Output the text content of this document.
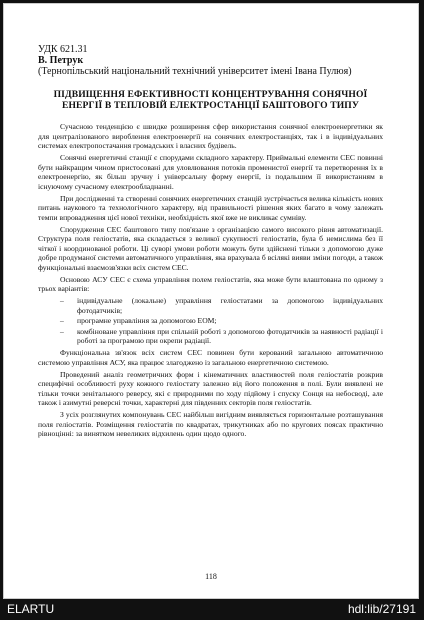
УДК 621.31
В. Петрук
(Тернопільський національний технічний університет імені Івана Пулюя)
ПІДВИЩЕННЯ ЕФЕКТИВНОСТІ КОНЦЕНТРУВАННЯ СОНЯЧНОЇ
ЕНЕРГІЇ В ТЕПЛОВІЙ ЕЛЕКТРОСТАНЦІЇ БАШТОВОГО ТИПУ

Сучасною тенденцією є швидке розширення сфер використання сонячної електроенергетики як для централізованого вироблення електроенергії на сонячних електростанціях, так і в індивідуальних системах електропостачання громадських і власних будівель.

Сонячні енергетичні станції є спорудами складного характеру. Приймальні елементи СЕС повинні бути найкращим чином пристосовані для уловлювання потоків променистої енергії та перетворення їх в електроенергію, як більш зручну і універсальну форму енергії, із подальшим її використанням в існуючому сучасному електрообладнанні.

При дослідженні та створенні сонячних енергетичних станцій зустрічається велика кількість нових питань наукового та технологічного характеру, від правильності рішення яких багато в чому залежать темпи впровадження цієї нової техніки, необхідність якої вже не викликає сумніву.

Спорудження СЕС баштового типу пов'язане з організацією самого високого рівня автоматизації. Структура поля геліостатів, яка складається з великої сукупності геліостатів, була б немислима без її чіткої і координованої роботи. Ці суворі умови роботи можуть бути здійснені тільки з допомогою дуже добре продуманої системи автоматичного управління, яка врахувала б всілякі вияви зміни погоди, а також функціональні взаємозв'язки всіх систем СЕС.

Основою АСУ СЕС є схема управління полем геліостатів, яка може бути влаштована по одному з трьох варіантів:

– індивідуальне (локальне) управління геліостатами за допомогою індивідуальних фотодатчиків;
– програмне управління за допомогою ЕОМ;
– комбіноване управління при спільній роботі з допомогою фотодатчиків за наявності радіації і роботі за програмою при окрепи радіації.

Функціональна зв'язок всіх систем СЕС повинен бути керований загальною автоматичною системою управління АСУ, яка працює злагоджено із загальною енергетичною системою.

Проведений аналіз геометричних форм і кінематичних властивостей поля геліостатів розкрив специфічні особливості руху кожного геліостату залежно від його положення в полі. Були виявлені не тільки точки зенітального реверсу, які є природними по ходу підйому і спуску Сонця на небосводі, але також і азимутні реверсні точки, характерні для південних секторів поля геліостатів.

З усіх розглянутих компонувань СЕС найбільш вигідним виявляється горизонтальне розташування поля геліостатів. Розміщення геліостатів по квадратах, трикутниках або по кругових поясах практично рівноцінні: за винятком невеликих відхилень один щодо одного.

118
ELARTU	hdl:lib/27191
